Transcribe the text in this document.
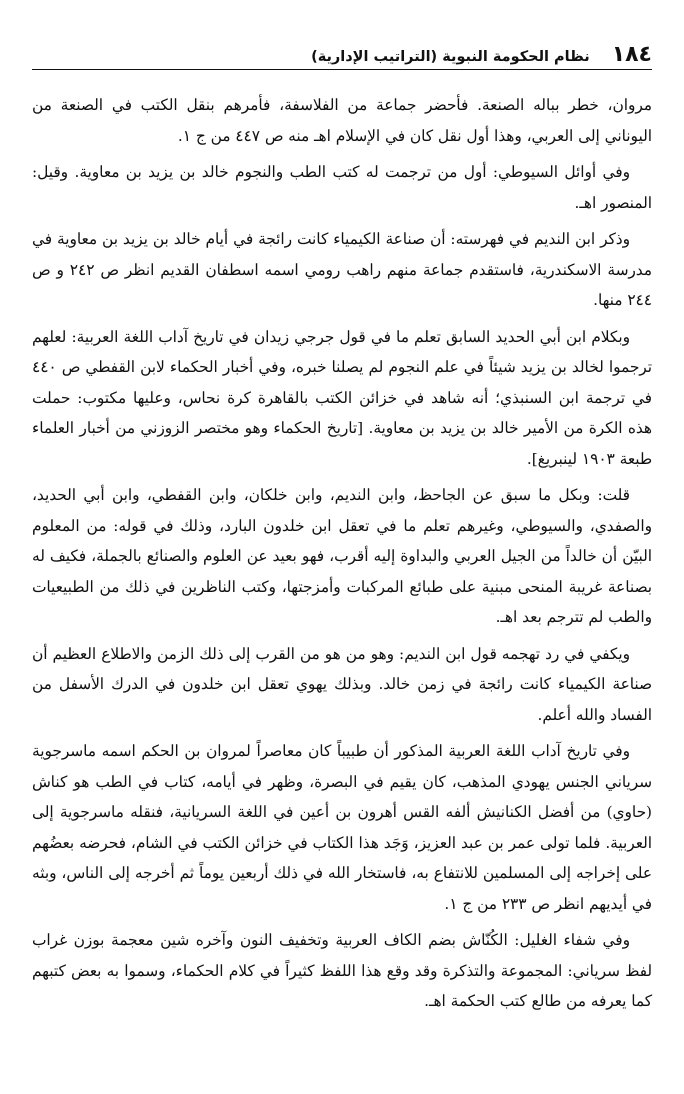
١٨٤
نظام الحكومة النبوية (التراتيب الإدارية)

مروان، خطر بباله الصنعة. فأحضر جماعة من الفلاسفة، فأمرهم بنقل الكتب في الصنعة من اليوناني إلى العربي، وهذا أول نقل كان في الإسلام اهـ منه ص ٤٤٧ من ج ١.

وفي أوائل السيوطي: أول من ترجمت له كتب الطب والنجوم خالد بن يزيد بن معاوية. وقيل: المنصور اهـ.

وذكر ابن النديم في فهرسته: أن صناعة الكيمياء كانت رائجة في أيام خالد بن يزيد بن معاوية في مدرسة الاسكندرية، فاستقدم جماعة منهم راهب رومي اسمه اسطفان القديم انظر ص ٢٤٢ و ص ٢٤٤ منها.

وبكلام ابن أبي الحديد السابق تعلم ما في قول جرجي زيدان في تاريخ آداب اللغة العربية: لعلهم ترجموا لخالد بن يزيد شيئاً في علم النجوم لم يصلنا خبره، وفي أخبار الحكماء لابن القفطي ص ٤٤٠ في ترجمة ابن السنبذي؛ أنه شاهد في خزائن الكتب بالقاهرة كرة نحاس، وعليها مكتوب: حملت هذه الكرة من الأمير خالد بن يزيد بن معاوية. [تاريخ الحكماء وهو مختصر الزوزني من أخبار العلماء طبعة ١٩٠٣ لينبريغ].

قلت: وبكل ما سبق عن الجاحظ، وابن النديم، وابن خلكان، وابن القفطي، وابن أبي الحديد، والصفدي، والسيوطي، وغيرهم تعلم ما في تعقل ابن خلدون البارد، وذلك في قوله: من المعلوم البيّن أن خالداً من الجيل العربي والبداوة إليه أقرب، فهو بعيد عن العلوم والصنائع بالجملة، فكيف له بصناعة غريبة المنحى مبنية على طبائع المركبات وأمزجتها، وكتب الناظرين في ذلك من الطبيعيات والطب لم تترجم بعد اهـ.

ويكفي في رد تهجمه قول ابن النديم: وهو من هو من القرب إلى ذلك الزمن والاطلاع العظيم أن صناعة الكيمياء كانت رائجة في زمن خالد. وبذلك يهوي تعقل ابن خلدون في الدرك الأسفل من الفساد والله أعلم.

وفي تاريخ آداب اللغة العربية المذكور أن طبيباً كان معاصراً لمروان بن الحكم اسمه ماسرجوية سرياني الجنس يهودي المذهب، كان يقيم في البصرة، وظهر في أيامه، كتاب في الطب هو كناش (حاوي) من أفضل الكنانيش ألفه القس أهرون بن أعين في اللغة السريانية، فنقله ماسرجوية إلى العربية. فلما تولى عمر بن عبد العزيز، وَجَد هذا الكتاب في خزائن الكتب في الشام، فحرضه بعضُهم على إخراجه إلى المسلمين للانتفاع به، فاستخار الله في ذلك أربعين يوماً ثم أخرجه إلى الناس، وبثه في أيديهم انظر ص ٢٣٣ من ج ١.

وفي شفاء الغليل: الكُنّاش بضم الكاف العربية وتخفيف النون وآخره شين معجمة بوزن غراب لفظ سرياني: المجموعة والتذكرة وقد وقع هذا اللفظ كثيراً في كلام الحكماء، وسموا به بعض كتبهم كما يعرفه من طالع كتب الحكمة اهـ.
